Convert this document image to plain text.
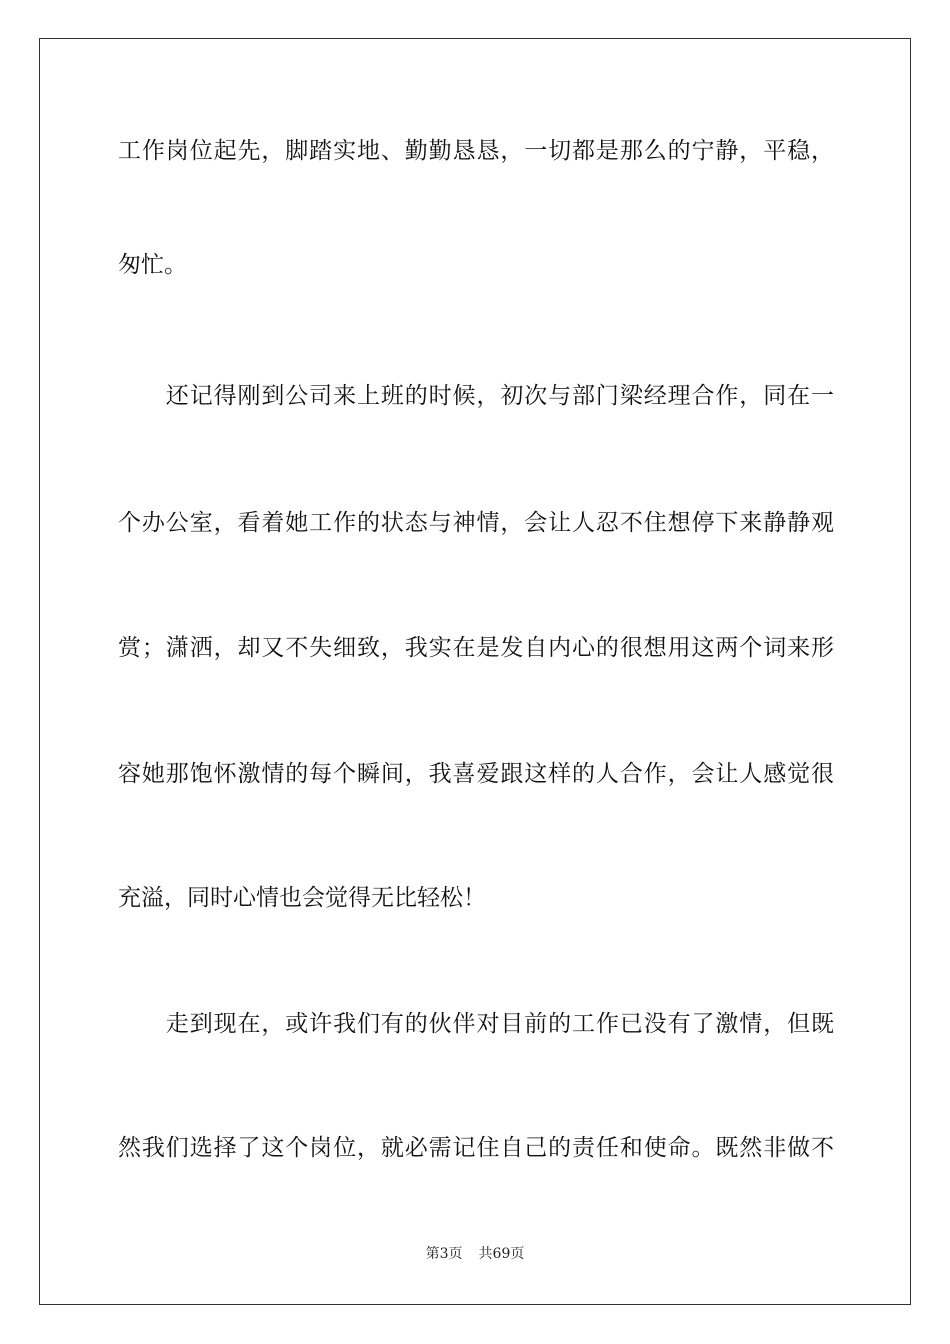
工作岗位起先，脚踏实地、勤勤恳恳，一切都是那么的宁静，平稳，
匆忙。
　　还记得刚到公司来上班的时候，初次与部门梁经理合作，同在一
个办公室，看着她工作的状态与神情，会让人忍不住想停下来静静观
赏；潇洒，却又不失细致，我实在是发自内心的很想用这两个词来形
容她那饱怀激情的每个瞬间，我喜爱跟这样的人合作，会让人感觉很
充溢，同时心情也会觉得无比轻松！
　　走到现在，或许我们有的伙伴对目前的工作已没有了激情，但既
然我们选择了这个岗位，就必需记住自己的责任和使命。既然非做不
第3页 共69页
